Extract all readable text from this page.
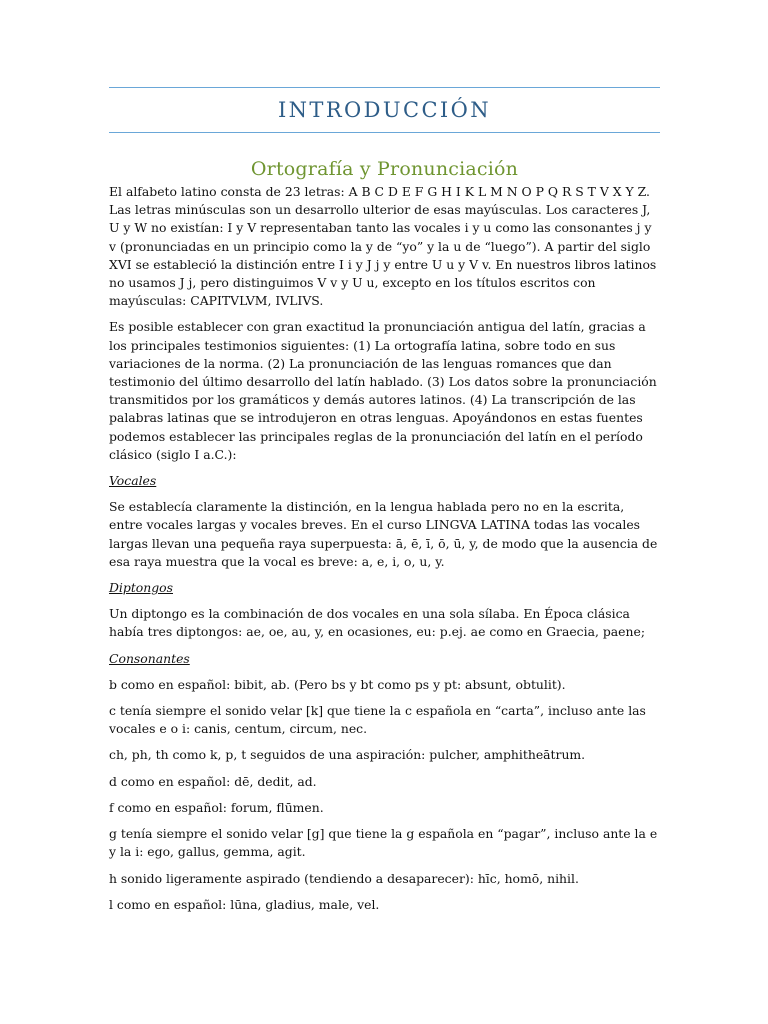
INTRODUCCIÓN
Ortografía y Pronunciación

El alfabeto latino consta de 23 letras: A B C D E F G H I K L M N O P Q R S T V X Y Z. Las letras minúsculas son un desarrollo ulterior de esas mayúsculas. Los caracteres J, U y W no existían: I y V representaban tanto las vocales i y u como las consonantes j y v (pronunciadas en un principio como la y de “yo” y la u de “luego”). A partir del siglo XVI se estableció la distinción entre I i y J j y entre U u y V v. En nuestros libros latinos no usamos J j, pero distinguimos V v y U u, excepto en los títulos escritos con mayúsculas: CAPITVLVM, IVLIVS.

Es posible establecer con gran exactitud la pronunciación antigua del latín, gracias a los principales testimonios siguientes: (1) La ortografía latina, sobre todo en sus variaciones de la norma. (2) La pronunciación de las lenguas romances que dan testimonio del último desarrollo del latín hablado. (3) Los datos sobre la pronunciación transmitidos por los gramáticos y demás autores latinos. (4) La transcripción de las palabras latinas que se introdujeron en otras lenguas. Apoyándonos en estas fuentes podemos establecer las principales reglas de la pronunciación del latín en el período clásico (siglo I a.C.):

Vocales

Se establecía claramente la distinción, en la lengua hablada pero no en la escrita, entre vocales largas y vocales breves. En el curso LINGVA LATINA todas las vocales largas llevan una pequeña raya superpuesta: ā, ē, ī, ō, ū, y, de modo que la ausencia de esa raya muestra que la vocal es breve: a, e, i, o, u, y.

Diptongos

Un diptongo es la combinación de dos vocales en una sola sílaba. En Época clásica había tres diptongos: ae, oe, au, y, en ocasiones, eu: p.ej. ae como en Graecia, paene;

Consonantes

b como en español: bibit, ab. (Pero bs y bt como ps y pt: absunt, obtulit).

c tenía siempre el sonido velar [k] que tiene la c española en “carta”, incluso ante las vocales e o i: canis, centum, circum, nec.

ch, ph, th como k, p, t seguidos de una aspiración: pulcher, amphitheātrum.

d como en español: dē, dedit, ad.

f como en español: forum, flūmen.

g tenía siempre el sonido velar [g] que tiene la g española en “pagar”, incluso ante la e y la i: ego, gallus, gemma, agit.

h sonido ligeramente aspirado (tendiendo a desaparecer): hīc, homō, nihil.

l como en español: lūna, gladius, male, vel.
